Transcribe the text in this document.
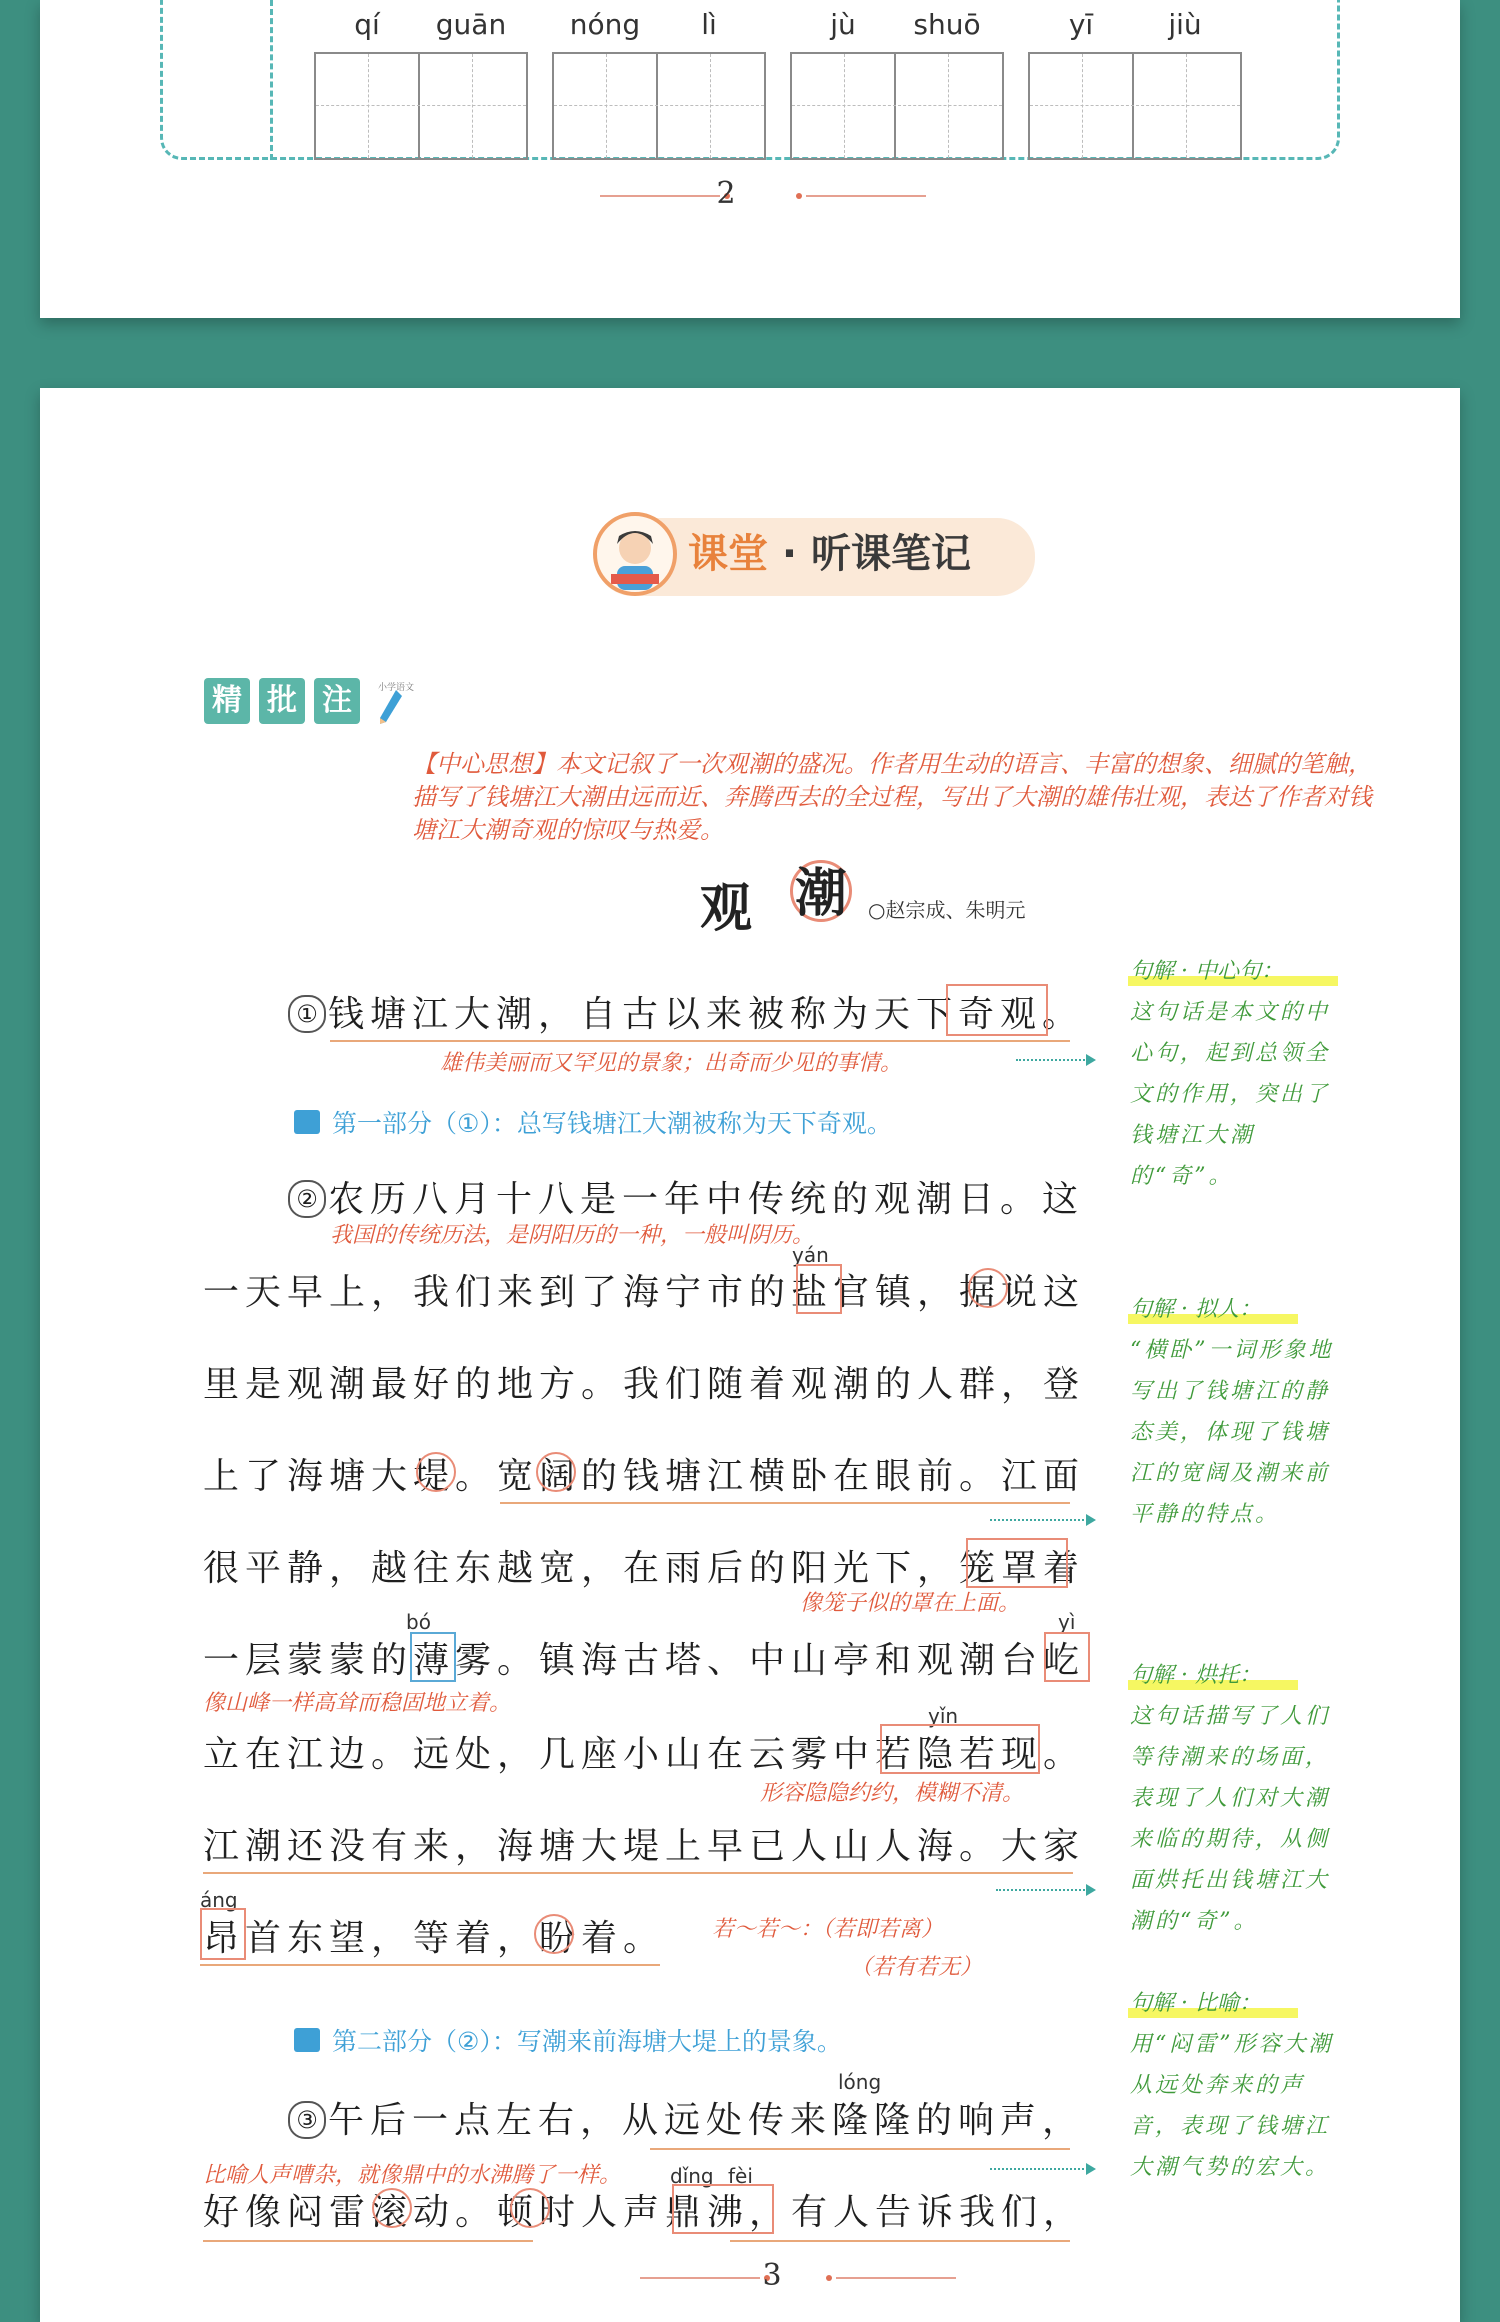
qí	guān	nóng	lì	jù	shuō	yī	jiù
2
课堂 · 听课笔记
精 批 注	小学语文
【中心思想】本文记叙了一次观潮的盛况。作者用生动的语言、丰富的想象、细腻的笔触，描写了钱塘江大潮由远而近、奔腾西去的全过程，写出了大潮的雄伟壮观，表达了作者对钱塘江大潮奇观的惊叹与热爱。
观 潮 ○赵宗成、朱明元
① 钱塘江大潮，自古以来被称为天下奇观。
雄伟美丽而又罕见的景象；出奇而少见的事情。
第一部分（①）：总写钱塘江大潮被称为天下奇观。
② 农历八月十八是一年中传统的观潮日。这
我国的传统历法，是阴阳历的一种，一般叫阴历。
yán
一天早上，我们来到了海宁市的盐官镇，据说这
里是观潮最好的地方。我们随着观潮的人群，登
上了海塘大堤。宽阔的钱塘江横卧在眼前。江面
很平静，越往东越宽，在雨后的阳光下，笼罩着
像笼子似的罩在上面。
bó	yì
一层蒙蒙的薄雾。镇海古塔、中山亭和观潮台屹
像山峰一样高耸而稳固地立着。	yǐn
立在江边。远处，几座小山在云雾中若隐若现。
形容隐隐约约，模糊不清。
江潮还没有来，海塘大堤上早已人山人海。大家
áng
昂首东望，等着，盼着。 若～若～：（若即若离）
（若有若无）
第二部分（②）：写潮来前海塘大堤上的景象。
lóng
③ 午后一点左右，从远处传来隆隆的响声，
比喻人声嘈杂，就像鼎中的水沸腾了一样。 dǐng fèi
好像闷雷滚动。顿时人声鼎沸，有人告诉我们，
句解 · 中心句：
这句话是本文的中心句，起到总领全文的作用，突出了钱塘江大潮的“奇”。
句解 · 拟人：
“横卧”一词形象地写出了钱塘江的静态美，体现了钱塘江的宽阔及潮来前平静的特点。
句解 · 烘托：
这句话描写了人们等待潮来的场面，表现了人们对大潮来临的期待，从侧面烘托出钱塘江大潮的“奇”。
句解 · 比喻：
用“闷雷”形容大潮从远处奔来的声音，表现了钱塘江大潮气势的宏大。
3
